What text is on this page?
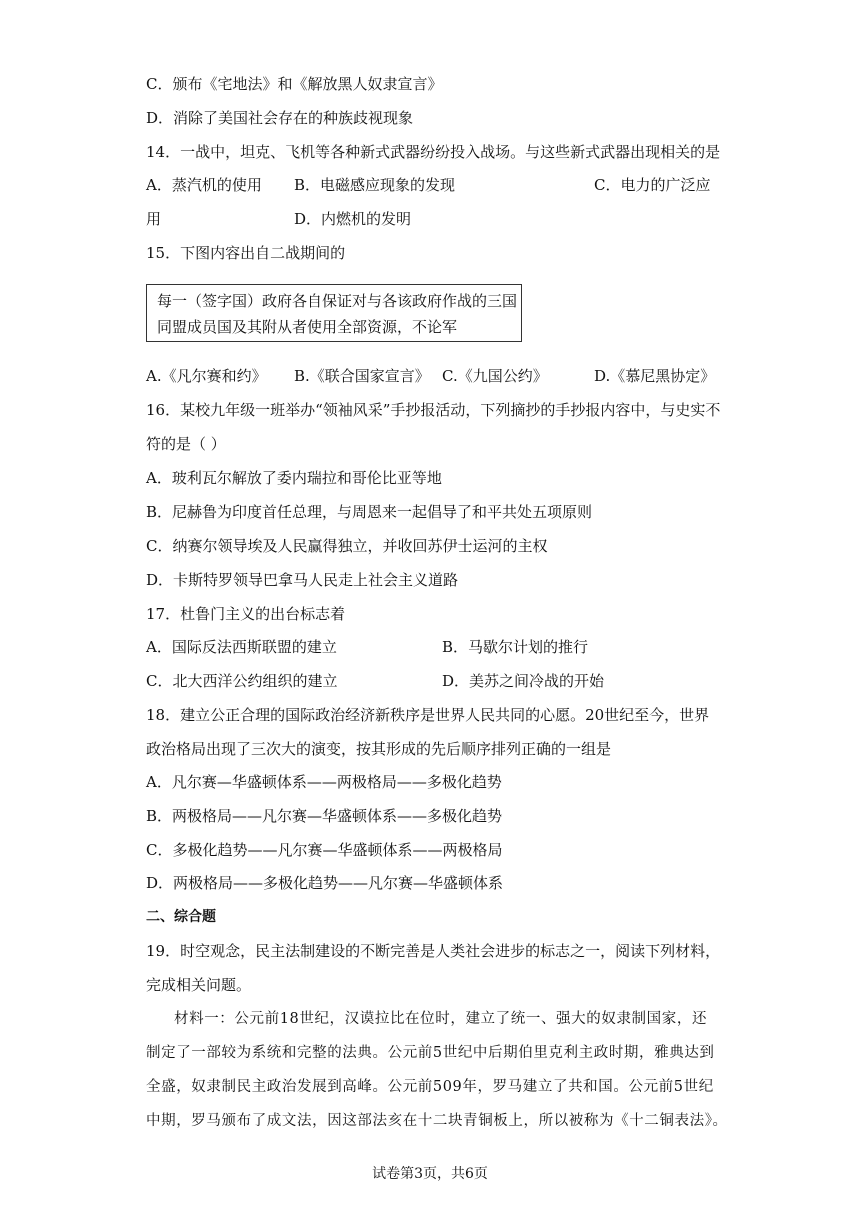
C．颁布《宅地法》和《解放黑人奴隶宣言》
D．消除了美国社会存在的种族歧视现象
14．一战中，坦克、飞机等各种新式武器纷纷投入战场。与这些新式武器出现相关的是
A．蒸汽机的使用 B．电磁感应现象的发现	C．电力的广泛应
用	D．内燃机的发明
15．下图内容出自二战期间的
每一（签字国）政府各自保证对与各该政府作战的三国
同盟成员国及其附从者使用全部资源，不论军
A.《凡尔赛和约》 B.《联合国家宣言》 C.《九国公约》	D.《慕尼黑协定》
16．某校九年级一班举办“领袖风采”手抄报活动，下列摘抄的手抄报内容中，与史实不
符的是（ ）
A．玻利瓦尔解放了委内瑞拉和哥伦比亚等地
B．尼赫鲁为印度首任总理，与周恩来一起倡导了和平共处五项原则
C．纳赛尔领导埃及人民赢得独立，并收回苏伊士运河的主权
D．卡斯特罗领导巴拿马人民走上社会主义道路
17．杜鲁门主义的出台标志着
A．国际反法西斯联盟的建立	B．马歇尔计划的推行
C．北大西洋公约组织的建立	D．美苏之间冷战的开始
18．建立公正合理的国际政治经济新秩序是世界人民共同的心愿。20世纪至今，世界
政治格局出现了三次大的演变，按其形成的先后顺序排列正确的一组是
A．凡尔赛—华盛顿体系——两极格局——多极化趋势
B．两极格局——凡尔赛—华盛顿体系——多极化趋势
C．多极化趋势——凡尔赛—华盛顿体系——两极格局
D．两极格局——多极化趋势——凡尔赛—华盛顿体系
二、综合题
19．时空观念，民主法制建设的不断完善是人类社会进步的标志之一，阅读下列材料，
完成相关问题。
材料一：公元前18世纪，汉谟拉比在位时，建立了统一、强大的奴隶制国家，还
制定了一部较为系统和完整的法典。公元前5世纪中后期伯里克利主政时期，雅典达到
全盛，奴隶制民主政治发展到高峰。公元前509年，罗马建立了共和国。公元前5世纪
中期，罗马颁布了成文法，因这部法亥在十二块青铜板上，所以被称为《十二铜表法》。
试卷第3页，共6页
